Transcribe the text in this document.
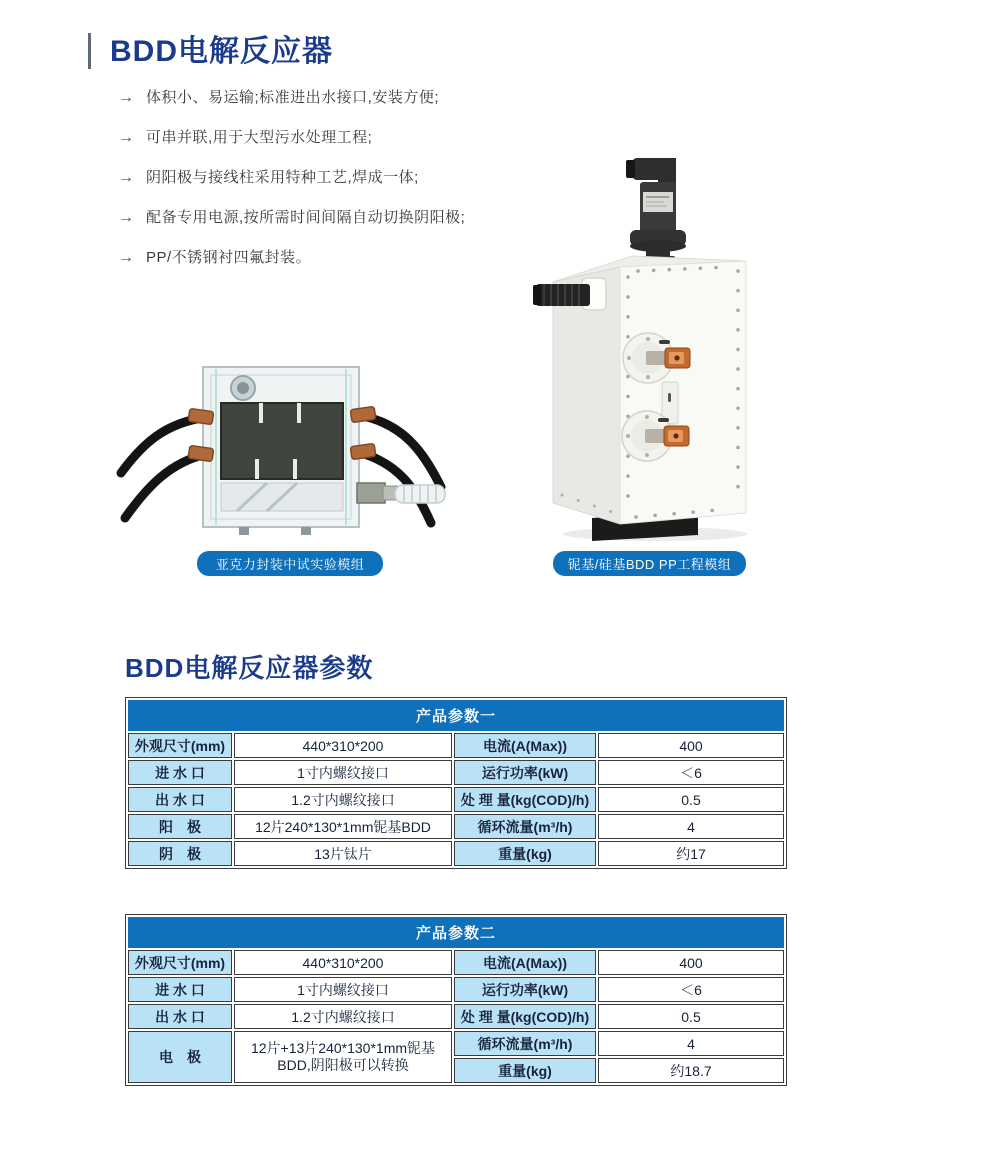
BDD电解反应器
→ 体积小、易运输;标准进出水接口,安装方便;
→ 可串并联,用于大型污水处理工程;
→ 阴阳极与接线柱采用特种工艺,焊成一体;
→ 配备专用电源,按所需时间间隔自动切换阴阳极;
→ PP/不锈钢衬四氟封装。
亚克力封装中试实验模组	铌基/硅基BDD PP工程模组
BDD电解反应器参数
产品参数一			
外观尺寸(mm)	440*310*200	电流(A(Max))	400
进 水 口	1寸内螺纹接口	运行功率(kW)	＜6
出 水 口	1.2寸内螺纹接口	处 理 量(kg(COD)/h)	0.5
阳　极	12片240*130*1mm铌基BDD	循环流量(m³/h)	4
阴　极	13片钛片	重量(kg)	约17
产品参数二			
外观尺寸(mm)	440*310*200	电流(A(Max))	400
进 水 口	1寸内螺纹接口	运行功率(kW)	＜6
出 水 口	1.2寸内螺纹接口	处 理 量(kg(COD)/h)	0.5
电　极	12片+13片240*130*1mm铌基BDD,阴阳极可以转换	循环流量(m³/h)	4
		重量(kg)	约18.7
